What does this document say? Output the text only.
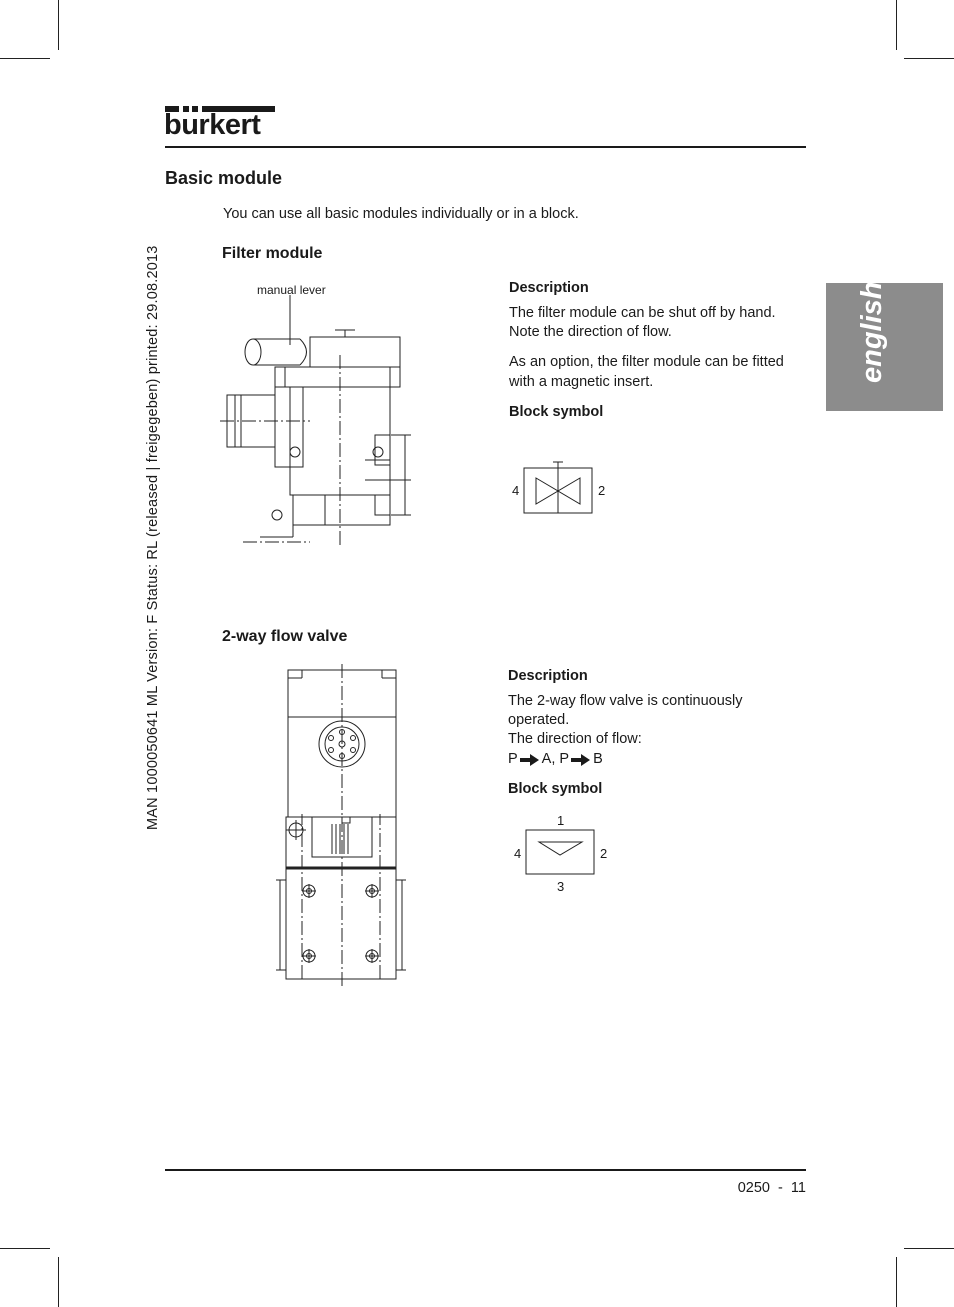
burkert
MAN 1000050641 ML Version: F Status: RL (released | freigegeben) printed: 29.08.2013	english
Basic module
You can use all basic modules individually or in a block.
Filter module
manual lever	Description
The filter module can be shut off by hand.
Note the direction of flow.
As an option, the filter module can be fitted
with a magnetic insert.
Block symbol
4	2
2-way flow valve
Description
The 2-way flow valve is continuously
operated.
The direction of flow:
P A, P B
Block symbol
1
4	2
3
0250  -  11
